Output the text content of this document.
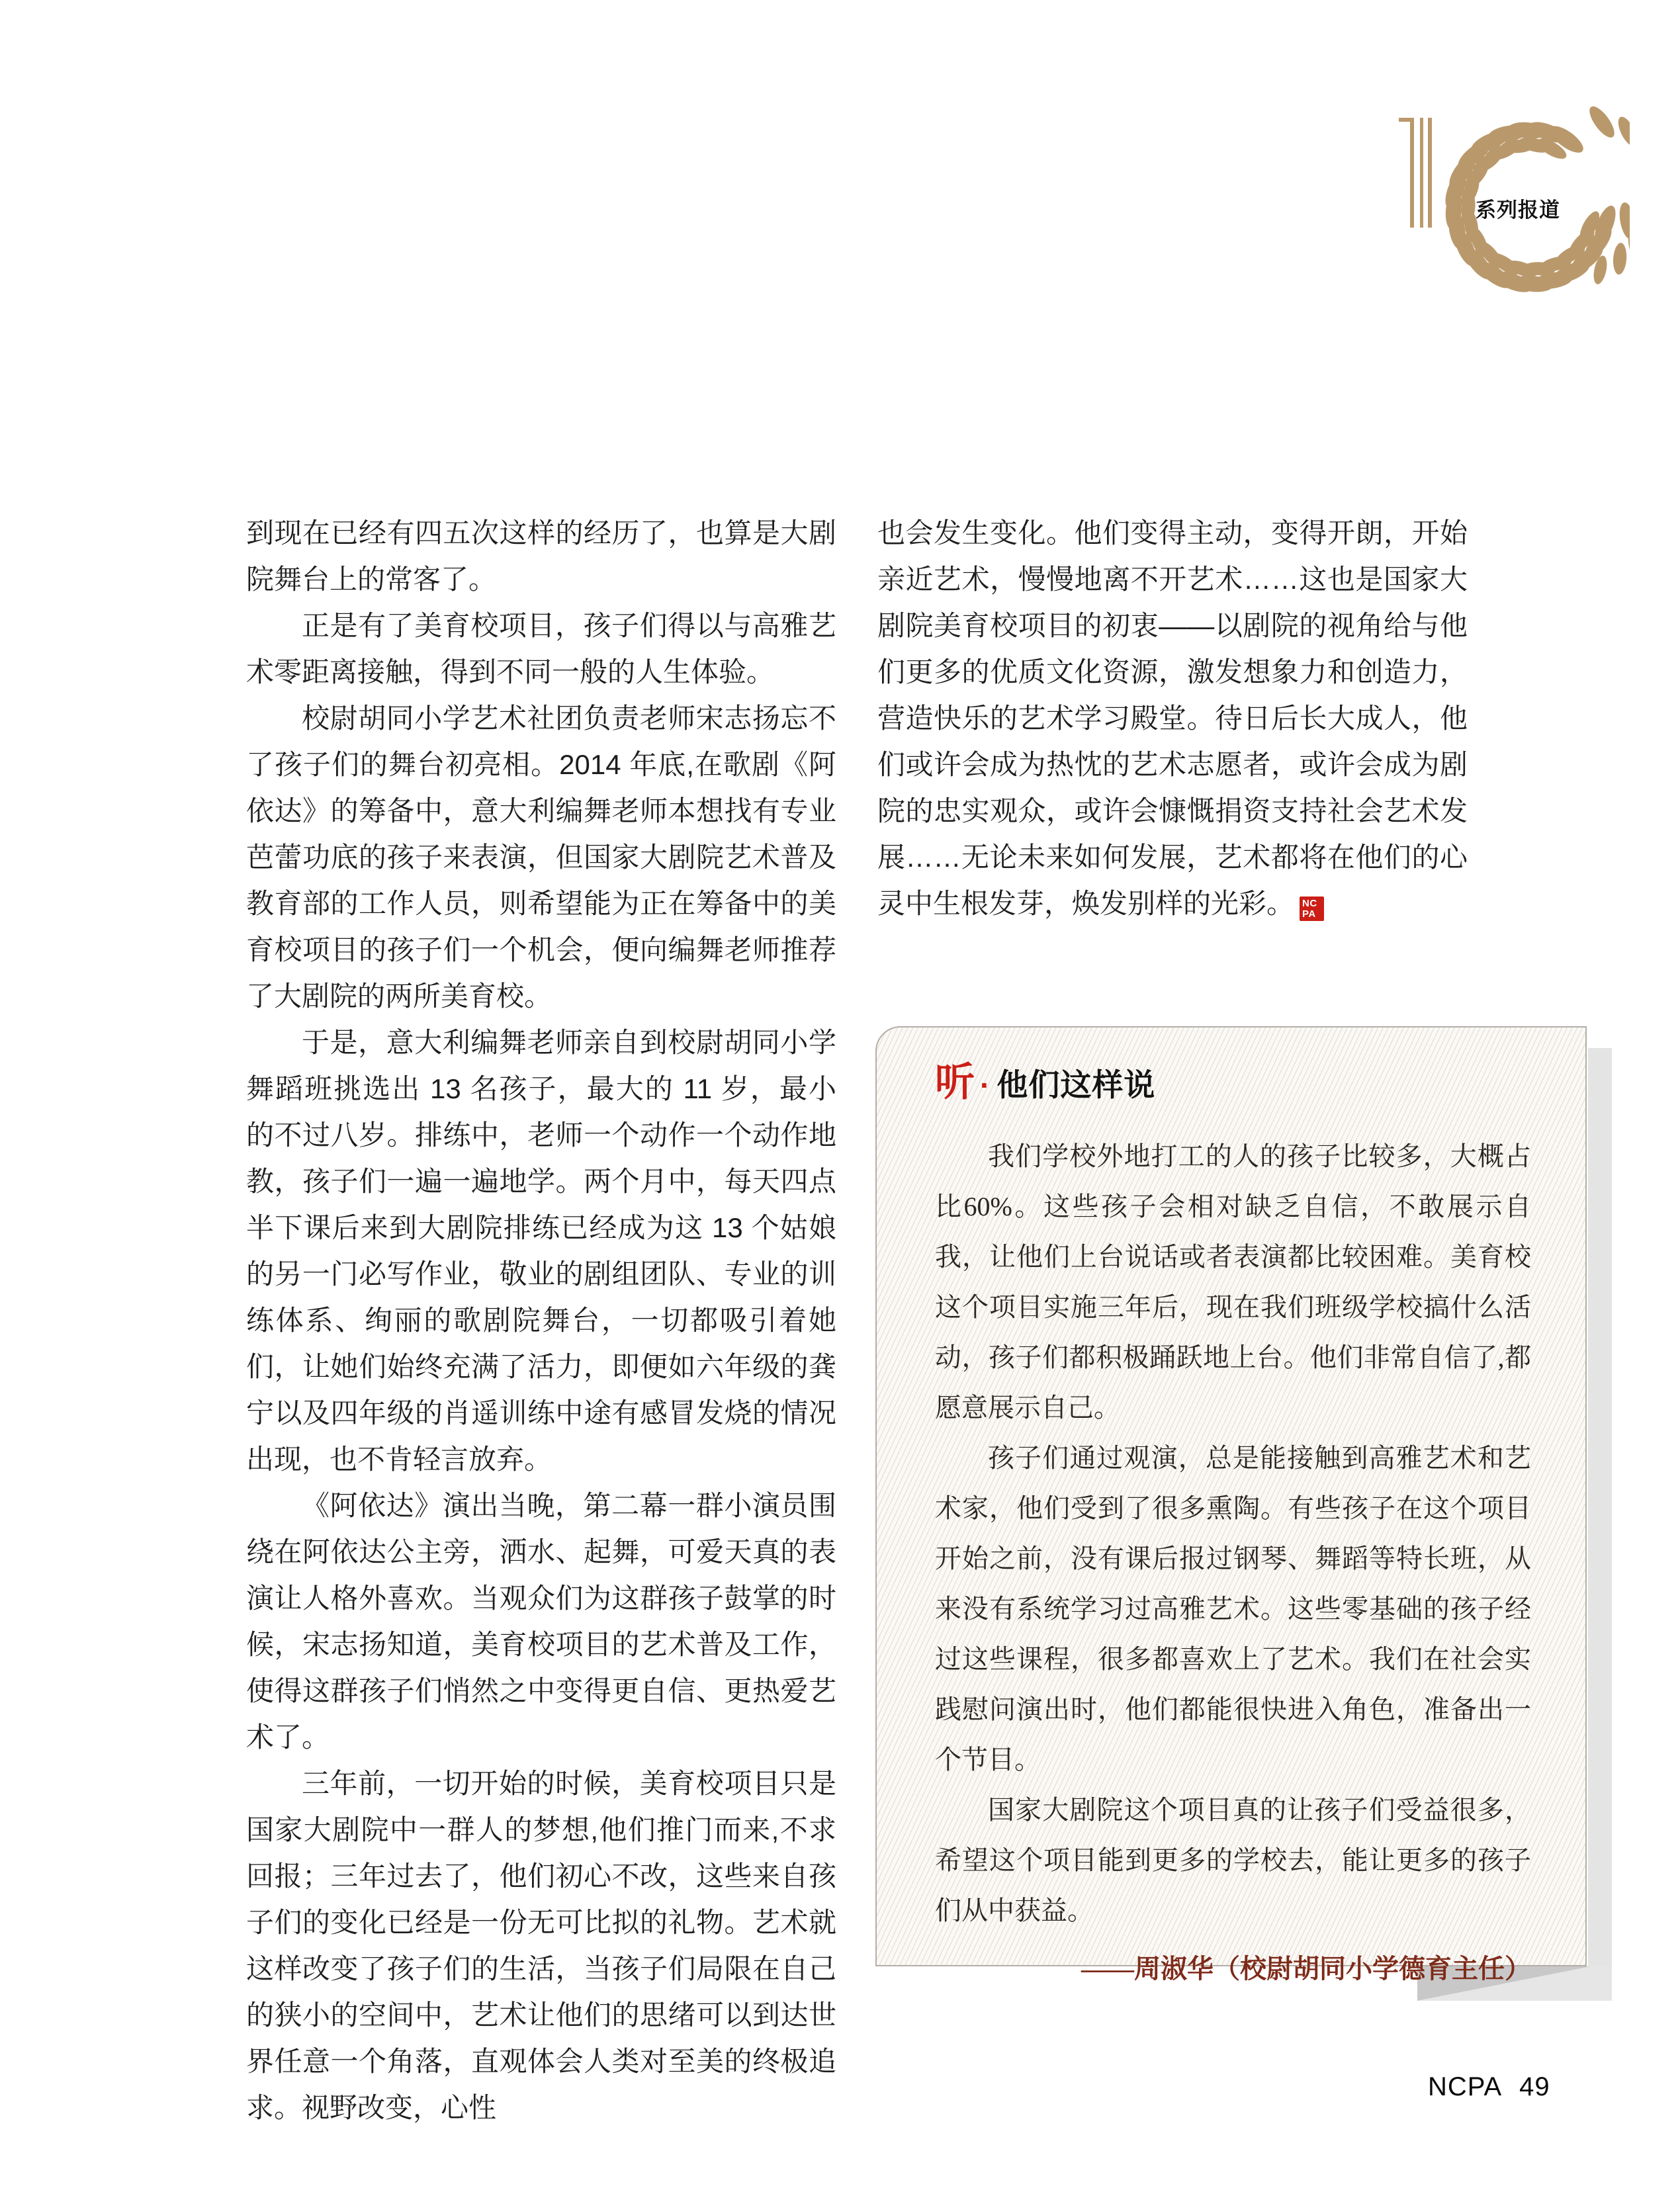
系列报道

到现在已经有四五次这样的经历了，也算是大剧院舞台上的常客了。

正是有了美育校项目，孩子们得以与高雅艺术零距离接触，得到不同一般的人生体验。

校尉胡同小学艺术社团负责老师宋志扬忘不了孩子们的舞台初亮相。2014 年底,在歌剧《阿依达》的筹备中，意大利编舞老师本想找有专业芭蕾功底的孩子来表演，但国家大剧院艺术普及教育部的工作人员，则希望能为正在筹备中的美育校项目的孩子们一个机会，便向编舞老师推荐了大剧院的两所美育校。

于是，意大利编舞老师亲自到校尉胡同小学舞蹈班挑选出 13 名孩子，最大的 11 岁，最小的不过八岁。排练中，老师一个动作一个动作地教，孩子们一遍一遍地学。两个月中，每天四点半下课后来到大剧院排练已经成为这 13 个姑娘的另一门必写作业，敬业的剧组团队、专业的训练体系、绚丽的歌剧院舞台，一切都吸引着她们，让她们始终充满了活力，即便如六年级的龚宁以及四年级的肖遥训练中途有感冒发烧的情况出现，也不肯轻言放弃。

《阿依达》演出当晚，第二幕一群小演员围绕在阿依达公主旁，洒水、起舞，可爱天真的表演让人格外喜欢。当观众们为这群孩子鼓掌的时候，宋志扬知道，美育校项目的艺术普及工作，使得这群孩子们悄然之中变得更自信、更热爱艺术了。

三年前，一切开始的时候，美育校项目只是国家大剧院中一群人的梦想,他们推门而来,不求回报；三年过去了，他们初心不改，这些来自孩子们的变化已经是一份无可比拟的礼物。艺术就这样改变了孩子们的生活，当孩子们局限在自己的狭小的空间中，艺术让他们的思绪可以到达世界任意一个角落，直观体会人类对至美的终极追求。视野改变，心性

也会发生变化。他们变得主动，变得开朗，开始亲近艺术，慢慢地离不开艺术……这也是国家大剧院美育校项目的初衷——以剧院的视角给与他们更多的优质文化资源，激发想象力和创造力，营造快乐的艺术学习殿堂。待日后长大成人，他们或许会成为热忱的艺术志愿者，或许会成为剧院的忠实观众，或许会慷慨捐资支持社会艺术发展……无论未来如何发展，艺术都将在他们的心灵中生根发芽，焕发别样的光彩。 NC
PA

听 · 他们这样说

我们学校外地打工的人的孩子比较多，大概占比60%。这些孩子会相对缺乏自信，不敢展示自我，让他们上台说话或者表演都比较困难。美育校这个项目实施三年后，现在我们班级学校搞什么活动，孩子们都积极踊跃地上台。他们非常自信了,都愿意展示自己。

孩子们通过观演，总是能接触到高雅艺术和艺术家，他们受到了很多熏陶。有些孩子在这个项目开始之前，没有课后报过钢琴、舞蹈等特长班，从来没有系统学习过高雅艺术。这些零基础的孩子经过这些课程，很多都喜欢上了艺术。我们在社会实践慰问演出时，他们都能很快进入角色，准备出一个节目。

国家大剧院这个项目真的让孩子们受益很多，希望这个项目能到更多的学校去，能让更多的孩子们从中获益。

——周淑华（校尉胡同小学德育主任）
NCPA 49
